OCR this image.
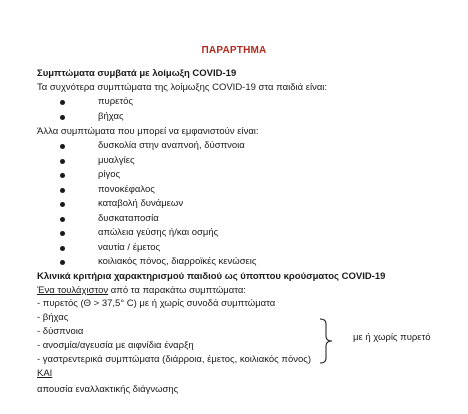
ΠΑΡΑΡΤΗΜΑ
Συμπτώματα συμβατά με λοίμωξη COVID-19
Τα συχνότερα συμπτώματα της λοίμωξης COVID-19 στα παιδιά είναι:
πυρετός
βήχας
Άλλα συμπτώματα που μπορεί να εμφανιστούν είναι:
δυσκολία στην αναπνοή, δύσπνοια
μυαλγίες
ρίγος
πονοκέφαλος
καταβολή δυνάμεων
δυσκαταποσία
απώλεια γεύσης ή/και οσμής
ναυτία / έμετος
κοιλιακός πόνος, διαρροϊκές κενώσεις
Κλινικά κριτήρια χαρακτηρισμού παιδιού ως ύποπτου κρούσματος COVID-19
Ένα τουλάχιστον από τα παρακάτω συμπτώματα:
- πυρετός (Θ > 37,5° C) με ή χωρίς συνοδά συμπτώματα
- βήχας
- δύσπνοια
- ανοσμία/αγευσία με αιφνίδια έναρξη
- γαστρεντερικά συμπτώματα (διάρροια, έμετος, κοιλιακός πόνος)
με ή χωρίς πυρετό
ΚΑΙ
απουσία εναλλακτικής διάγνωσης
